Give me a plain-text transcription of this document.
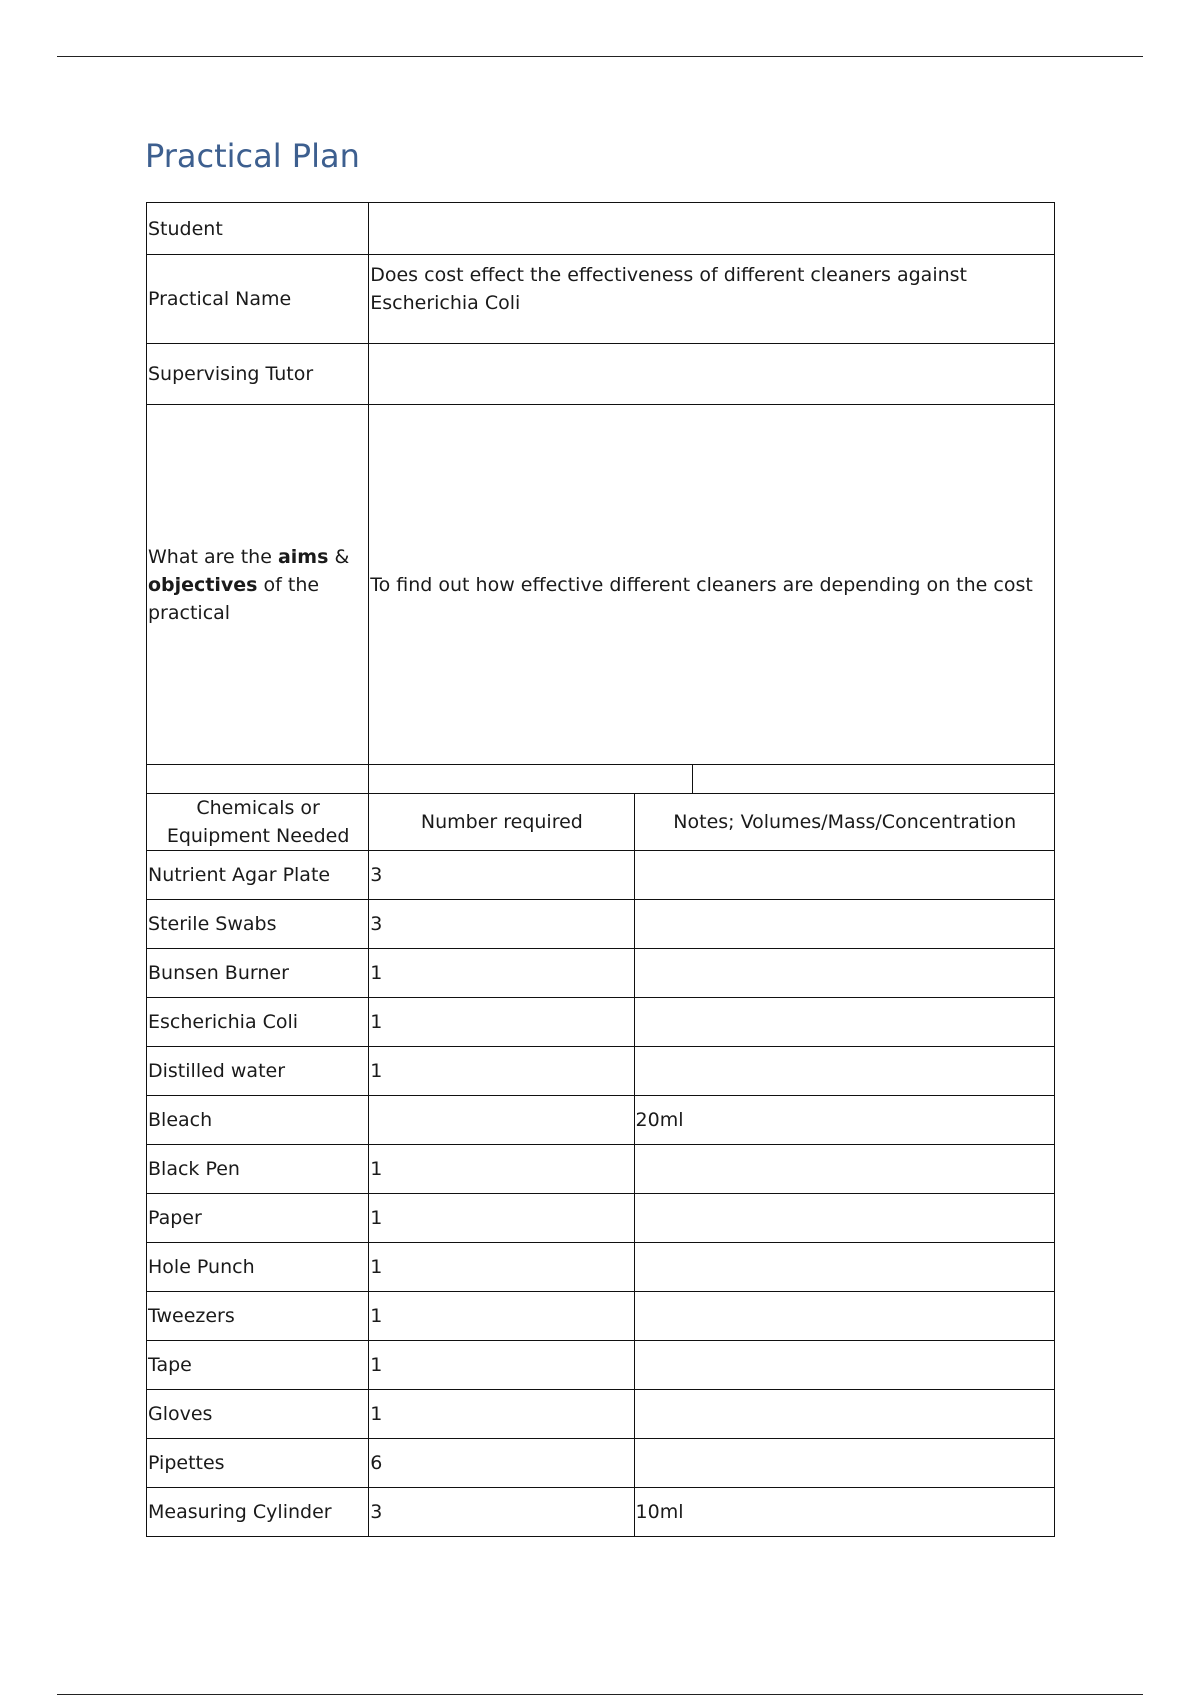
Practical Plan
Student		
Practical Name	Does cost effect the effectiveness of different cleaners against Escherichia Coli	
Supervising Tutor		
What are the aims & objectives of the practical	To find out how effective different cleaners are depending on the cost	

Chemicals or Equipment Needed	Number required	Notes; Volumes/Mass/Concentration
Nutrient Agar Plate	3	
Sterile Swabs	3	
Bunsen Burner	1	
Escherichia Coli	1	
Distilled water	1	
Bleach		20ml
Black Pen	1	
Paper	1	
Hole Punch	1	
Tweezers	1	
Tape	1	
Gloves	1	
Pipettes	6	
Measuring Cylinder	3	10ml
